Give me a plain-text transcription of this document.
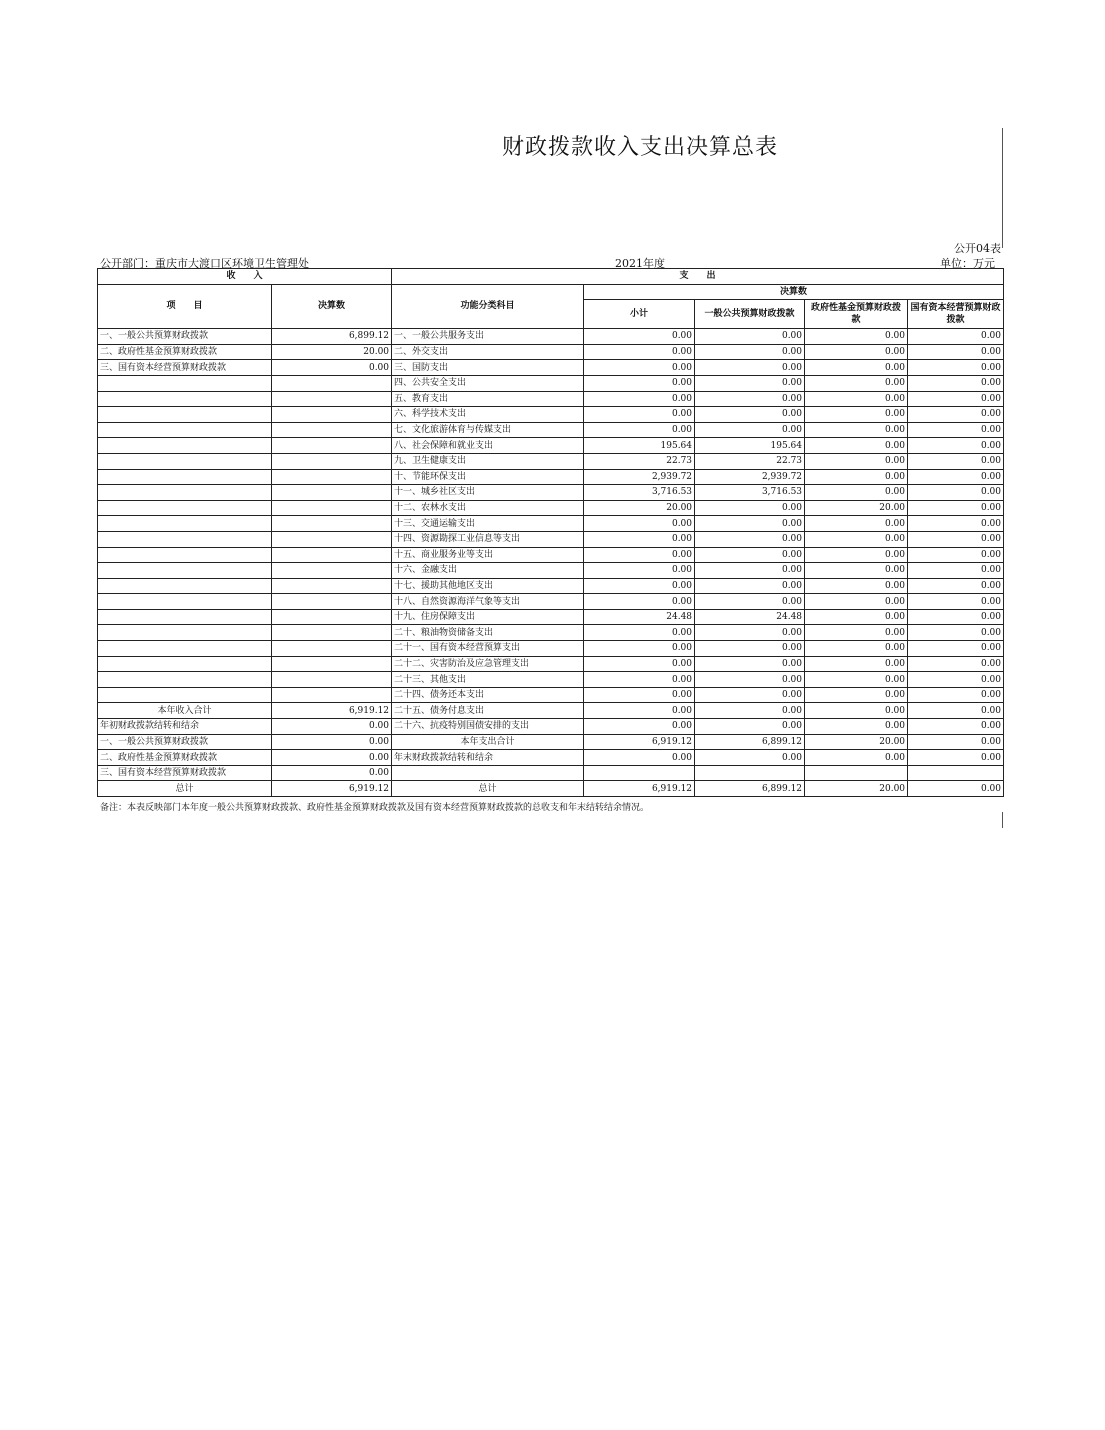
财政拨款收入支出决算总表
公开04表
公开部门：重庆市大渡口区环境卫生管理处	2021年度	单位：万元
收　　入		支　　出				
项　　目	决算数	功能分类科目	决算数			
			小计	一般公共预算财政拨款	政府性基金预算财政拨款	国有资本经营预算财政拨款
一、一般公共预算财政拨款	6,899.12	一、一般公共服务支出	0.00	0.00	0.00	0.00
二、政府性基金预算财政拨款	20.00	二、外交支出	0.00	0.00	0.00	0.00
三、国有资本经营预算财政拨款	0.00	三、国防支出	0.00	0.00	0.00	0.00
		四、公共安全支出	0.00	0.00	0.00	0.00
		五、教育支出	0.00	0.00	0.00	0.00
		六、科学技术支出	0.00	0.00	0.00	0.00
		七、文化旅游体育与传媒支出	0.00	0.00	0.00	0.00
		八、社会保障和就业支出	195.64	195.64	0.00	0.00
		九、卫生健康支出	22.73	22.73	0.00	0.00
		十、节能环保支出	2,939.72	2,939.72	0.00	0.00
		十一、城乡社区支出	3,716.53	3,716.53	0.00	0.00
		十二、农林水支出	20.00	0.00	20.00	0.00
		十三、交通运输支出	0.00	0.00	0.00	0.00
		十四、资源勘探工业信息等支出	0.00	0.00	0.00	0.00
		十五、商业服务业等支出	0.00	0.00	0.00	0.00
		十六、金融支出	0.00	0.00	0.00	0.00
		十七、援助其他地区支出	0.00	0.00	0.00	0.00
		十八、自然资源海洋气象等支出	0.00	0.00	0.00	0.00
		十九、住房保障支出	24.48	24.48	0.00	0.00
		二十、粮油物资储备支出	0.00	0.00	0.00	0.00
		二十一、国有资本经营预算支出	0.00	0.00	0.00	0.00
		二十二、灾害防治及应急管理支出	0.00	0.00	0.00	0.00
		二十三、其他支出	0.00	0.00	0.00	0.00
		二十四、债务还本支出	0.00	0.00	0.00	0.00
本年收入合计	6,919.12	二十五、债务付息支出	0.00	0.00	0.00	0.00
年初财政拨款结转和结余	0.00	二十六、抗疫特别国债安排的支出	0.00	0.00	0.00	0.00
一、一般公共预算财政拨款	0.00	本年支出合计	6,919.12	6,899.12	20.00	0.00
二、政府性基金预算财政拨款	0.00	年末财政拨款结转和结余	0.00	0.00	0.00	0.00
三、国有资本经营预算财政拨款	0.00					
总计	6,919.12	总计	6,919.12	6,899.12	20.00	0.00
备注：本表反映部门本年度一般公共预算财政拨款、政府性基金预算财政拨款及国有资本经营预算财政拨款的总收支和年末结转结余情况。
